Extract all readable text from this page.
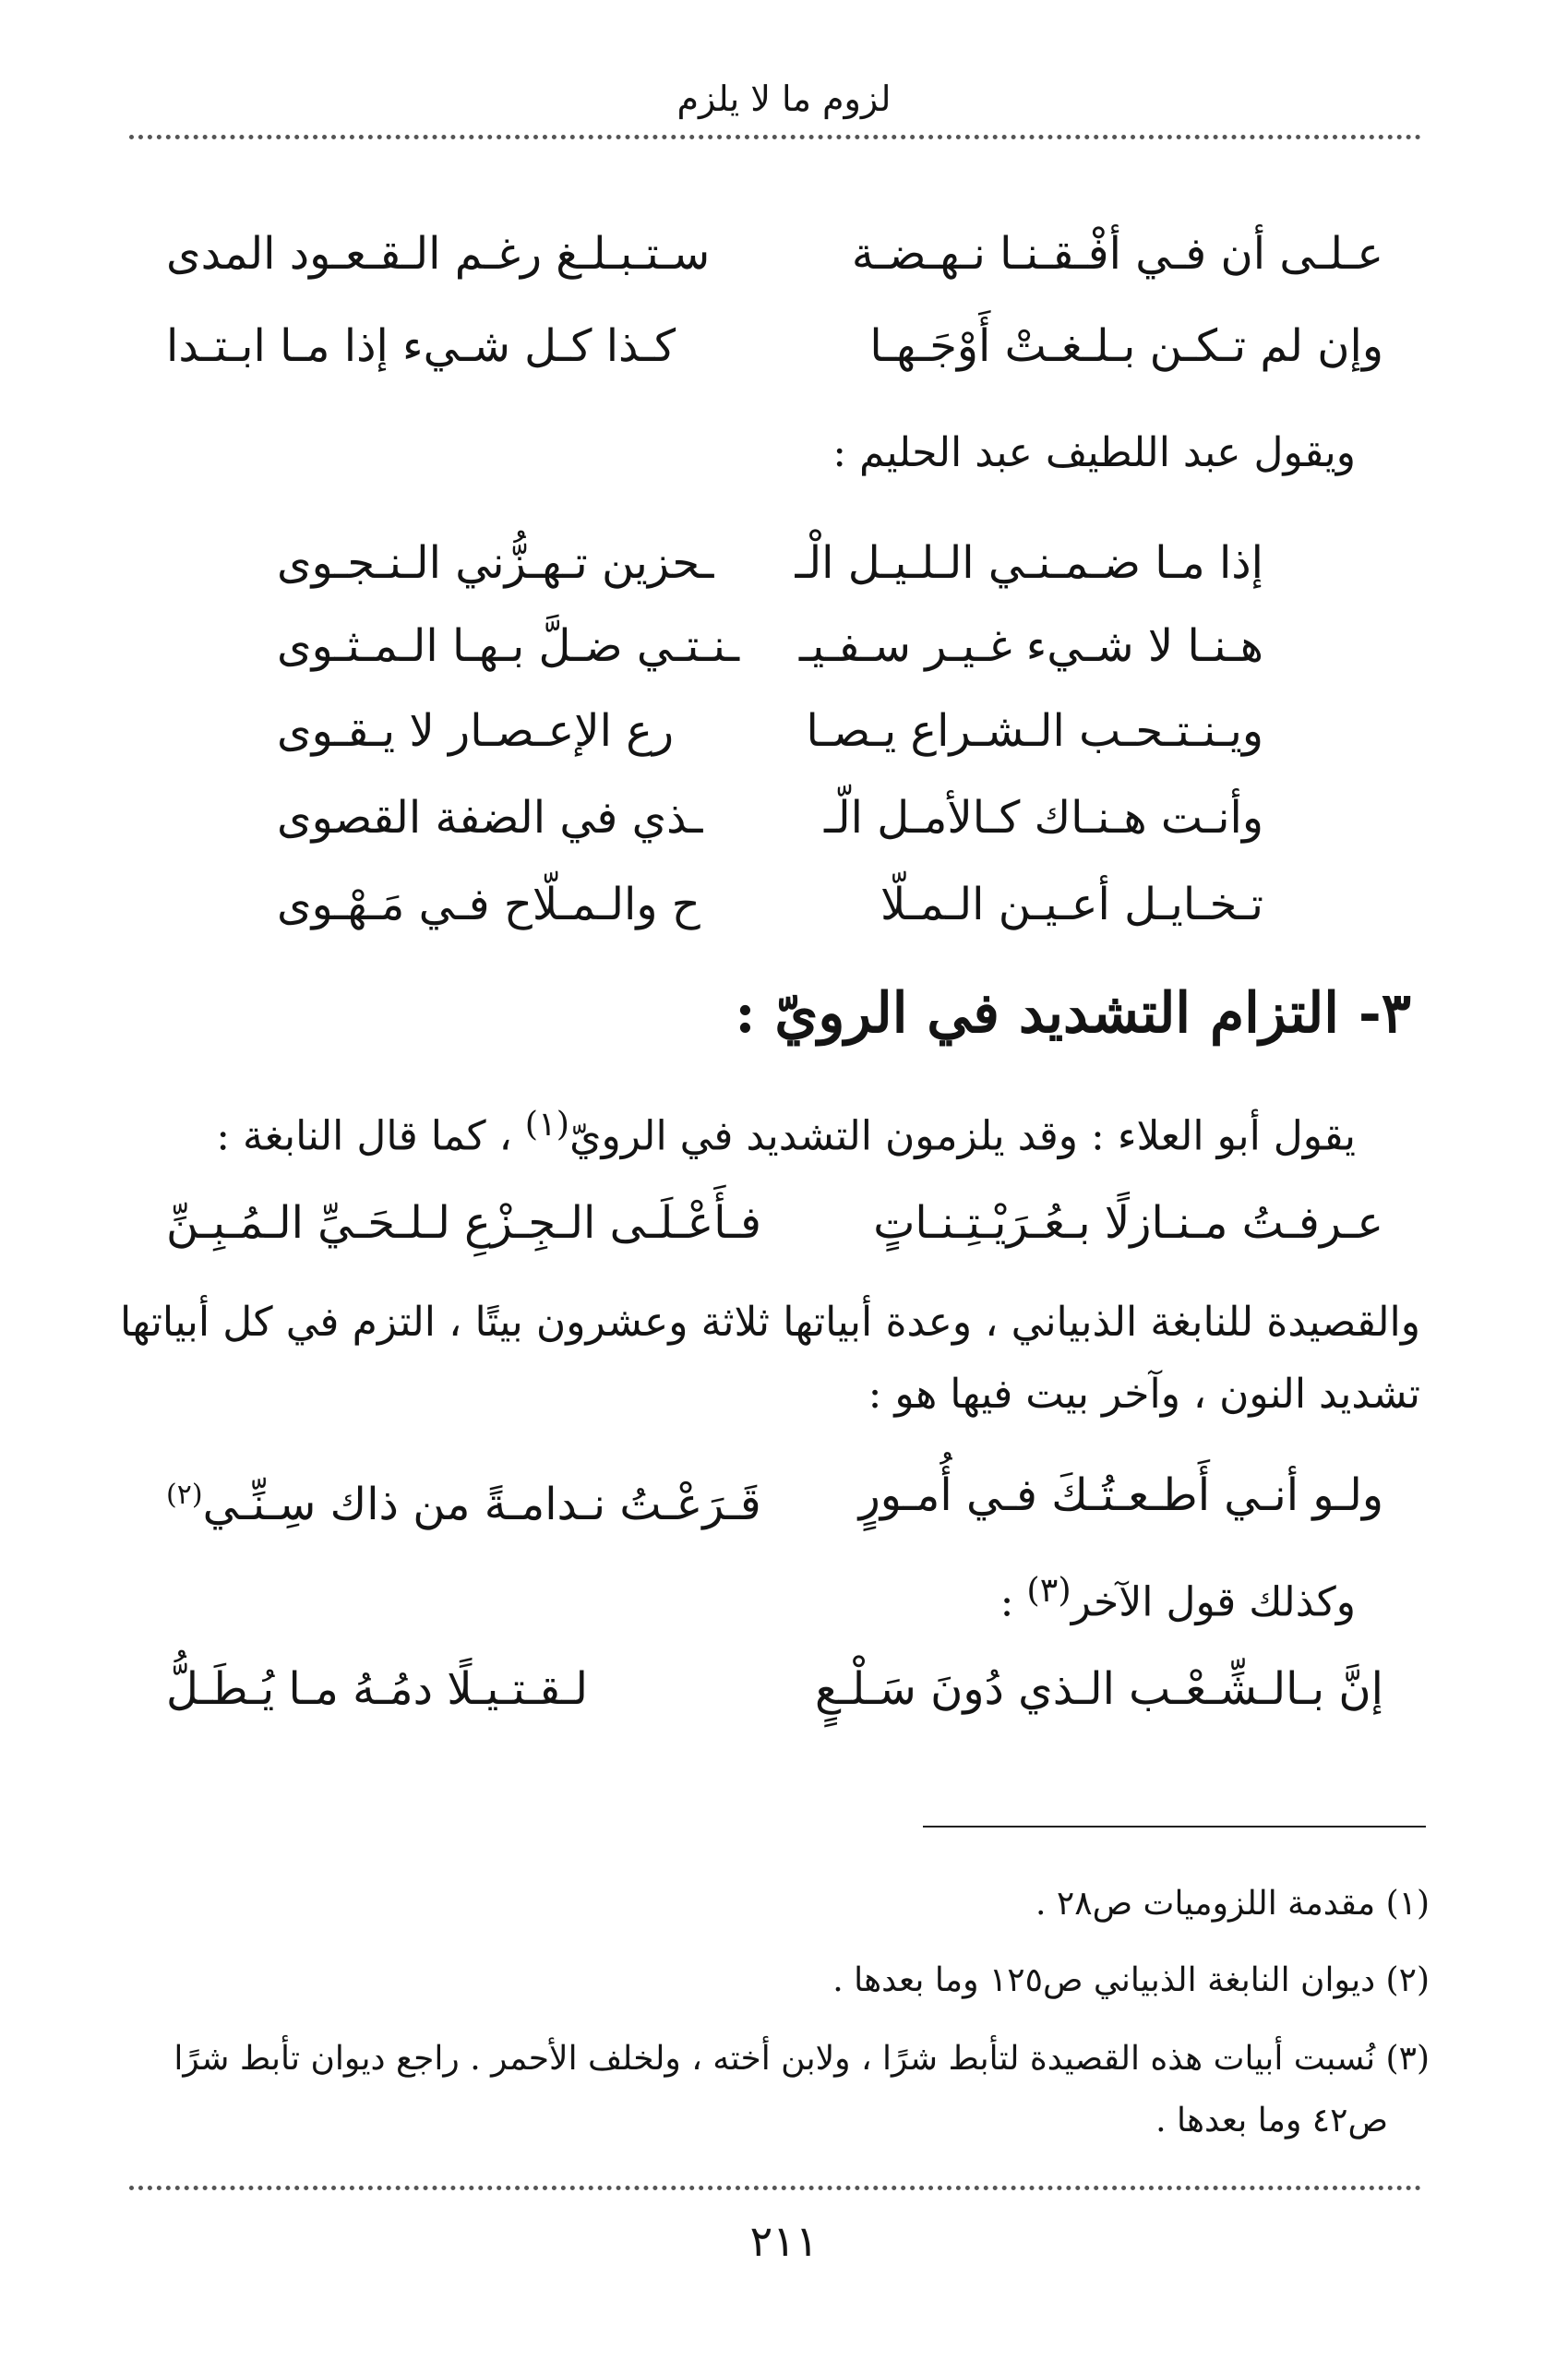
لزوم ما لا يلزم
عـلـى أن فـي أفْـقـنـا نـهـضـة
سـتـبـلـغ رغـم الـقـعـود المدى
وإن لم تـكـن بـلـغـتْ أَوْجَـهـا
كـذا كـل شـيء إذا مـا ابـتـدا
ويقول عبد اللطيف عبد الحليم :
إذا مـا ضـمـنـي الـلـيـل الْـ
ـحزين تـهـزُّني الـنـجـوى
هـنـا لا شـيء غـيـر سـفـيـ
ـنـتـي ضـلَّ بـهـا الـمـثـوى
ويـنـتـحـب الـشـراع يـصـا
رع الإعـصـار لا يـقـوى
وأنـت هـنـاك كـالأمـل الّـ
ـذي في الضفة القصوى
تـخـايـل أعـيـن الـمـلّا
ح والـمـلّاح فـي مَـهْـوى
٣- التزام التشديد في الرويّ :
يقول أبو العلاء : وقد يلزمون التشديد في الرويّ$^{(١)}$ ، كما قال النابغة :
عـرفـتُ مـنـازلًا بـعُـرَيْـتِـنـاتٍ
فـأَعْـلَـى الـجِـزْعِ لـلـحَـيِّ الـمُـبِـنِّ
والقصيدة للنابغة الذبياني ، وعدة أبياتها ثلاثة وعشرون بيتًا ، التزم في كل أبياتها
تشديد النون ، وآخر بيت فيها هو :
ولـو أنـي أَطـعـتُـكَ فـي أُمـورٍ
قَـرَعْـتُ نـدامـةً من ذاك سِـنِّـي$^{(٢)}$
وكذلك قول الآخر$^{(٣)}$ :
إنَّ بـالـشِّـعْـب الـذي دُونَ سَـلْـعٍ
لـقـتـيـلًا دمُـهُ مـا يُـطَـلُّ
(١) مقدمة اللزوميات ص٢٨ .
(٢) ديوان النابغة الذبياني ص١٢٥ وما بعدها .
(٣) نُسبت أبيات هذه القصيدة لتأبط شرًا ، ولابن أخته ، ولخلف الأحمر . راجع ديوان تأبط شرًا
ص٤٢ وما بعدها .
٢١١
